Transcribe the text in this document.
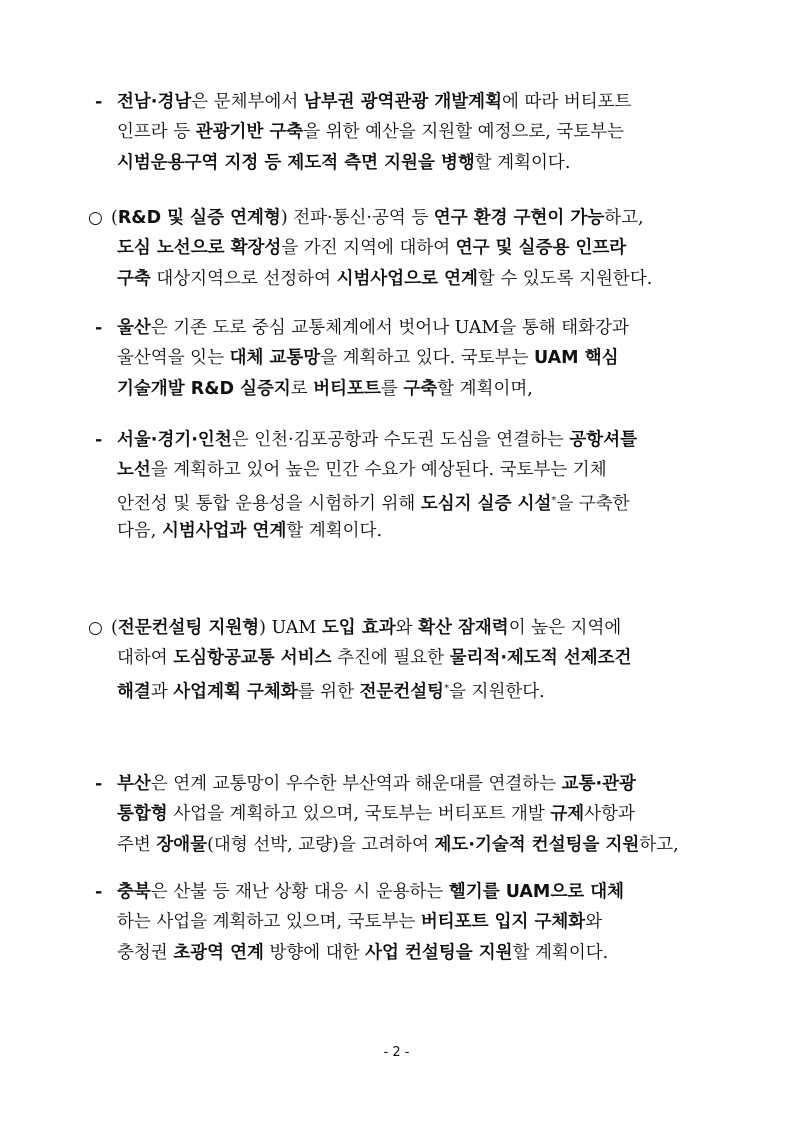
- 전남·경남은 문체부에서 남부권 광역관광 개발계획에 따라 버티포트
인프라 등 관광기반 구축을 위한 예산을 지원할 예정으로, 국토부는
시범운용구역 지정 등 제도적 측면 지원을 병행할 계획이다.
○ (R&D 및 실증 연계형) 전파·통신·공역 등 연구 환경 구현이 가능하고,
도심 노선으로 확장성을 가진 지역에 대하여 연구 및 실증용 인프라
구축 대상지역으로 선정하여 시범사업으로 연계할 수 있도록 지원한다.
- 울산은 기존 도로 중심 교통체계에서 벗어나 UAM을 통해 태화강과
울산역을 잇는 대체 교통망을 계획하고 있다. 국토부는 UAM 핵심
기술개발 R&D 실증지로 버티포트를 구축할 계획이며,
- 서울·경기·인천은 인천·김포공항과 수도권 도심을 연결하는 공항셔틀
노선을 계획하고 있어 높은 민간 수요가 예상된다. 국토부는 기체
안전성 및 통합 운용성을 시험하기 위해 도심지 실증 시설*을 구축한
다음, 시범사업과 연계할 계획이다.
○ (전문컨설팅 지원형) UAM 도입 효과와 확산 잠재력이 높은 지역에
대하여 도심항공교통 서비스 추진에 필요한 물리적·제도적 선제조건
해결과 사업계획 구체화를 위한 전문컨설팅*을 지원한다.
- 부산은 연계 교통망이 우수한 부산역과 해운대를 연결하는 교통·관광
통합형 사업을 계획하고 있으며, 국토부는 버티포트 개발 규제사항과
주변 장애물(대형 선박, 교량)을 고려하여 제도·기술적 컨설팅을 지원하고,
- 충북은 산불 등 재난 상황 대응 시 운용하는 헬기를 UAM으로 대체
하는 사업을 계획하고 있으며, 국토부는 버티포트 입지 구체화와
충청권 초광역 연계 방향에 대한 사업 컨설팅을 지원할 계획이다.
- 2 -
